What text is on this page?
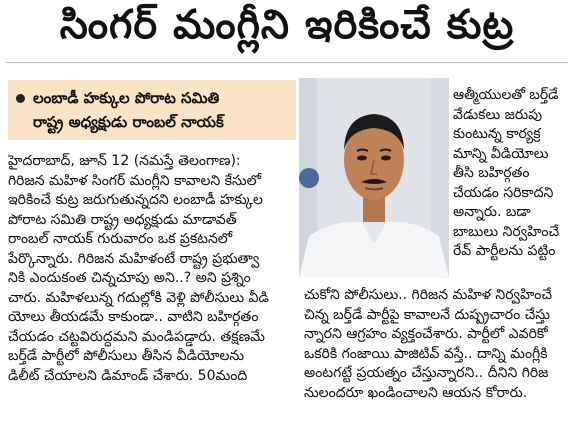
సింగర్ మంగ్లీని ఇరికించే కుట్ర
లంబాడీ హక్కుల పోరాట సమితి
రాష్ట్ర అధ్యక్షుడు రాంబల్ నాయక్
హైదరాబాద్, జూన్ 12 (నమస్తే తెలంగాణ):
గిరిజన మహిళ సింగర్ మంగ్లీని కావాలని కేసులో
ఇరికించే కుట్ర జరుగుతున్నదని లంబాడీ హక్కుల
పోరాట సమితి రాష్ట్ర అధ్యక్షుడు మాడావత్
రాంబల్ నాయక్ గురువారం ఒక ప్రకటనలో
పేర్కొన్నారు. గిరిజన మహిళంటే రాష్ట్ర ప్రభుత్వా
నికి ఎందుకంత చిన్నచూపు అని..? అని ప్రశ్నిం
చారు. మహిళలున్న గదుల్లోకి వెళ్లి పోలీసులు వీడి
యోలు తీయడమే కాకుండా.. వాటిని బహిర్గతం
చేయడం చట్టవిరుద్ధమని మండిపడ్డారు. తక్షణమే
బర్త్‌డే పార్టీలో పోలీసులు తీసిన వీడియోలను
డిలీట్ చేయాలని డిమాండ్ చేశారు. 50మంది
ఆత్మీయులతో బర్త్‌డే
వేడుకలు జరుపు
కుంటున్న కార్యక్ర
మాన్ని వీడియోలు
తీసి బహిర్గతం
చేయడం సరికాదని
అన్నారు. బడా
బాబులు నిర్వహించే
రేవ్ పార్టీలను పట్టిం
చుకోని పోలీసులు.. గిరిజన మహిళ నిర్వహించే
చిన్న బర్త్‌డే పార్టీపై కావాలనే దుష్ప్రచారం చేస్తు
న్నారని ఆగ్రహం వ్యక్తంచేశారు. పార్టీలో ఎవరికో
ఒకరికి గంజాయి పాజిటివ్ వస్తే.. దాన్ని మంగ్లీకి
అంటగట్టే ప్రయత్నం చేస్తున్నారని.. దీనిని గిరిజ
నులందరూ ఖండించాలని ఆయన కోరారు.
